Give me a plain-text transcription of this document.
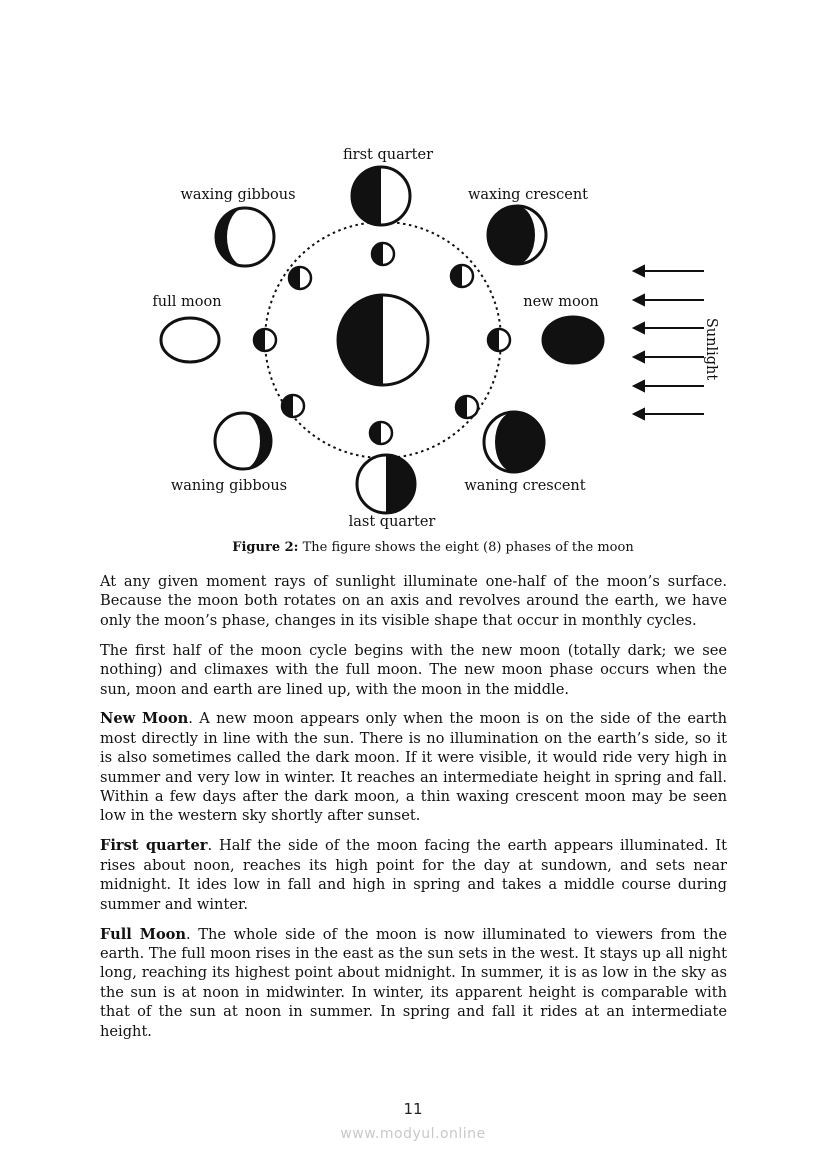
first quarter
waxing gibbous	waxing crescent
full moon	new moon
waning gibbous	waning crescent
last quarter
Sunlight
Figure 2: The figure shows the eight (8) phases of the moon

At any given moment rays of sunlight illuminate one-half of the moon’s surface. Because the moon both rotates on an axis and revolves around the earth, we have only the moon’s phase, changes in its visible shape that occur in monthly cycles.

The first half of the moon cycle begins with the new moon (totally dark; we see nothing) and climaxes with the full moon. The new moon phase occurs when the sun, moon and earth are lined up, with the moon in the middle.

New Moon. A new moon appears only when the moon is on the side of the earth most directly in line with the sun. There is no illumination on the earth’s side, so it is also sometimes called the dark moon. If it were visible, it would ride very high in summer and very low in winter. It reaches an intermediate height in spring and fall. Within a few days after the dark moon, a thin waxing crescent moon may be seen low in the western sky shortly after sunset.

First quarter. Half the side of the moon facing the earth appears illuminated. It rises about noon, reaches its high point for the day at sundown, and sets near midnight. It ides low in fall and high in spring and takes a middle course during summer and winter.

Full Moon. The whole side of the moon is now illuminated to viewers from the earth. The full moon rises in the east as the sun sets in the west. It stays up all night long, reaching its highest point about midnight. In summer, it is as low in the sky as the sun is at noon in midwinter. In winter, its apparent height is comparable with that of the sun at noon in summer. In spring and fall it rides at an intermediate height.

11
www.modyul.online
